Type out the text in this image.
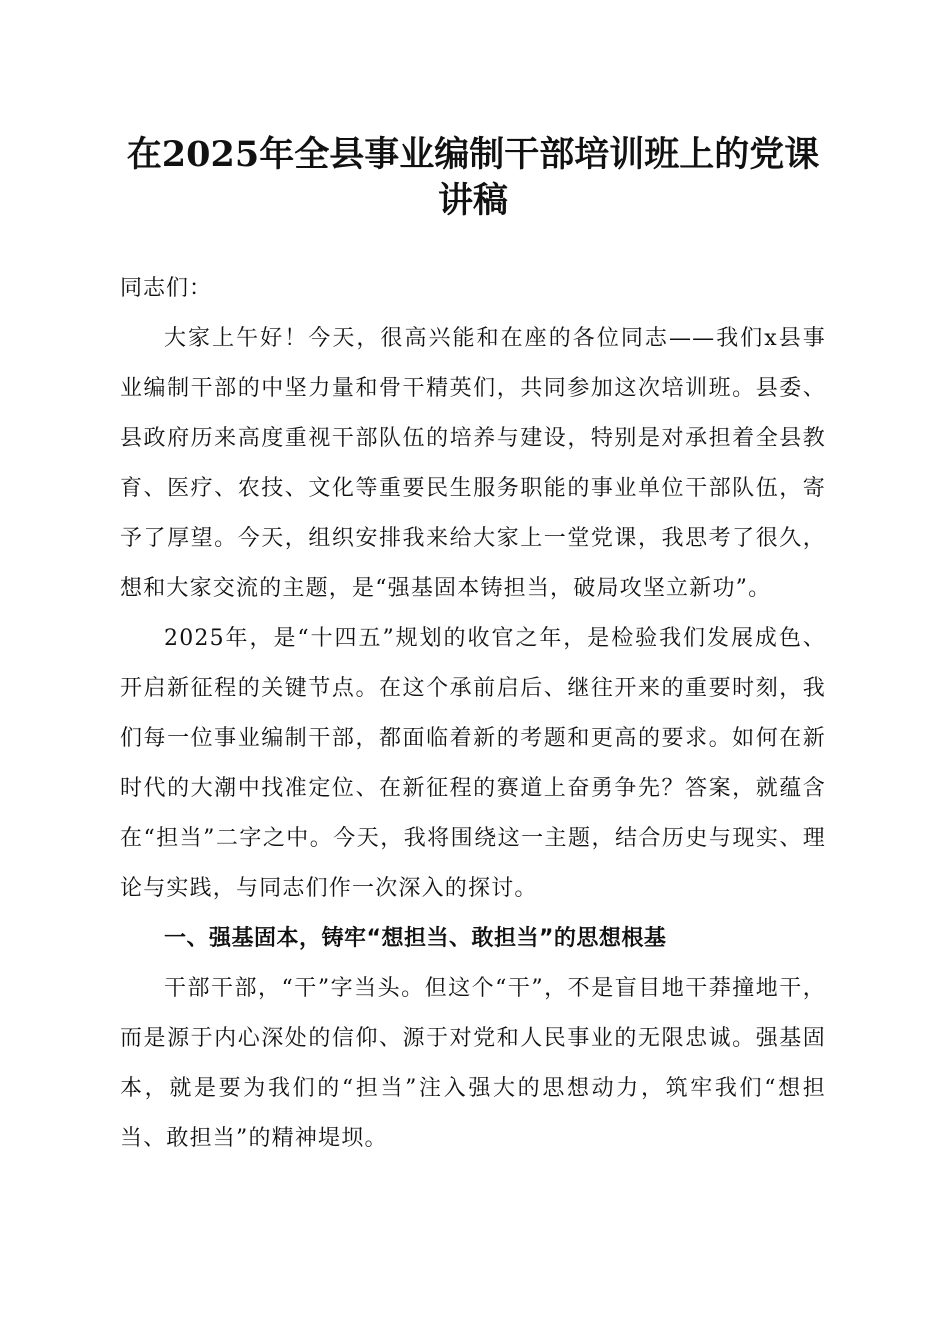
在2025年全县事业编制干部培训班上的党课讲稿

同志们：

大家上午好！今天，很高兴能和在座的各位同志——我们x县事业编制干部的中坚力量和骨干精英们，共同参加这次培训班。县委、县政府历来高度重视干部队伍的培养与建设，特别是对承担着全县教育、医疗、农技、文化等重要民生服务职能的事业单位干部队伍，寄予了厚望。今天，组织安排我来给大家上一堂党课，我思考了很久，想和大家交流的主题，是“强基固本铸担当，破局攻坚立新功”。

2025年，是“十四五”规划的收官之年，是检验我们发展成色、开启新征程的关键节点。在这个承前启后、继往开来的重要时刻，我们每一位事业编制干部，都面临着新的考题和更高的要求。如何在新时代的大潮中找准定位、在新征程的赛道上奋勇争先？答案，就蕴含在“担当”二字之中。今天，我将围绕这一主题，结合历史与现实、理论与实践，与同志们作一次深入的探讨。

一、强基固本，铸牢“想担当、敢担当”的思想根基

干部干部，“干”字当头。但这个“干”，不是盲目地干莽撞地干，而是源于内心深处的信仰、源于对党和人民事业的无限忠诚。强基固本，就是要为我们的“担当”注入强大的思想动力，筑牢我们“想担当、敢担当”的精神堤坝。
